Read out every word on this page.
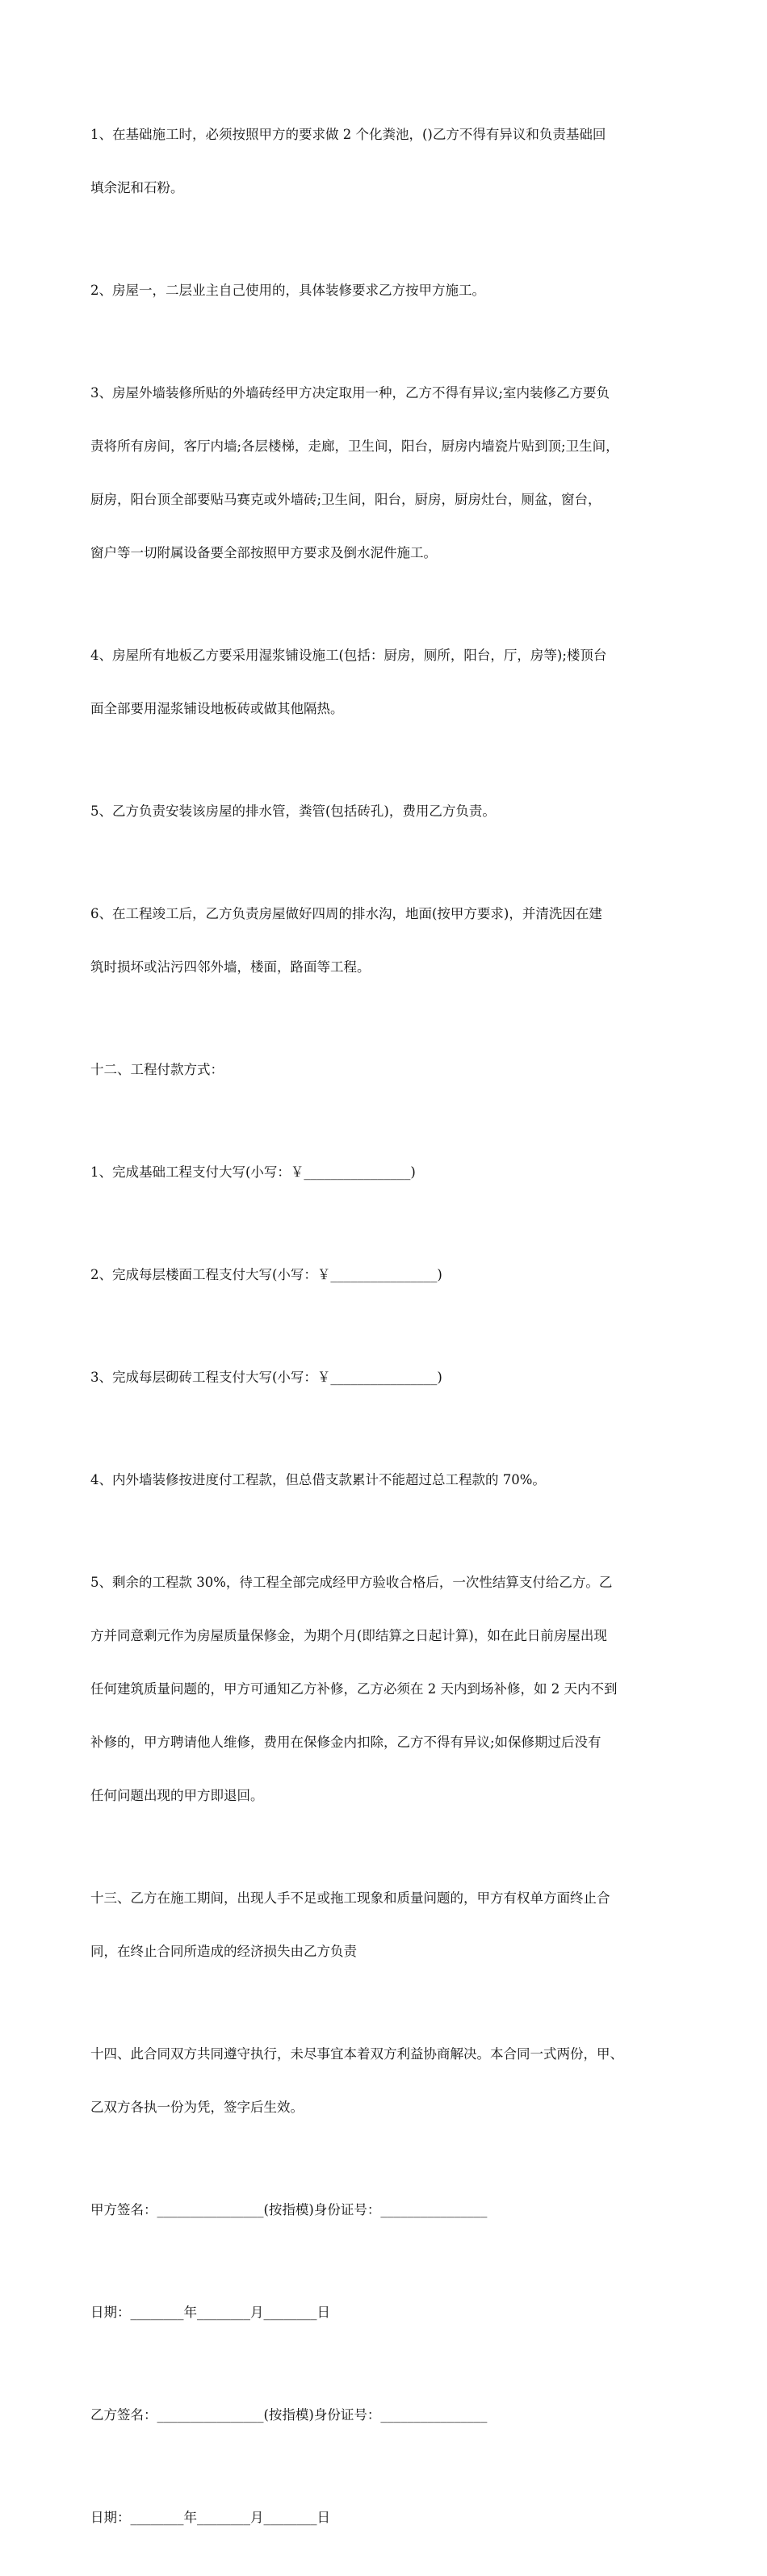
1、在基础施工时，必须按照甲方的要求做 2 个化粪池，()乙方不得有异议和负责基础回

填余泥和石粉。

2、房屋一，二层业主自己使用的，具体装修要求乙方按甲方施工。

3、房屋外墙装修所贴的外墙砖经甲方决定取用一种，乙方不得有异议;室内装修乙方要负

责将所有房间，客厅内墙;各层楼梯，走廊，卫生间，阳台，厨房内墙瓷片贴到顶;卫生间，

厨房，阳台顶全部要贴马赛克或外墙砖;卫生间，阳台，厨房，厨房灶台，厕盆，窗台，

窗户等一切附属设备要全部按照甲方要求及倒水泥件施工。

4、房屋所有地板乙方要采用湿浆铺设施工(包括：厨房，厕所，阳台，厅，房等);楼顶台

面全部要用湿浆铺设地板砖或做其他隔热。

5、乙方负责安装该房屋的排水管，粪管(包括砖孔)，费用乙方负责。

6、在工程竣工后，乙方负责房屋做好四周的排水沟，地面(按甲方要求)，并清洗因在建

筑时损坏或沾污四邻外墙，楼面，路面等工程。

十二、工程付款方式：

1、完成基础工程支付大写(小写：￥________________)

2、完成每层楼面工程支付大写(小写：￥________________)

3、完成每层砌砖工程支付大写(小写：￥________________)

4、内外墙装修按进度付工程款，但总借支款累计不能超过总工程款的 70%。

5、剩余的工程款 30%，待工程全部完成经甲方验收合格后，一次性结算支付给乙方。乙

方并同意剩元作为房屋质量保修金，为期个月(即结算之日起计算)，如在此日前房屋出现

任何建筑质量问题的，甲方可通知乙方补修，乙方必须在 2 天内到场补修，如 2 天内不到

补修的，甲方聘请他人维修，费用在保修金内扣除，乙方不得有异议;如保修期过后没有

任何问题出现的甲方即退回。

十三、乙方在施工期间，出现人手不足或拖工现象和质量问题的，甲方有权单方面终止合

同，在终止合同所造成的经济损失由乙方负责

十四、此合同双方共同遵守执行，未尽事宜本着双方利益协商解决。本合同一式两份，甲、

乙双方各执一份为凭，签字后生效。

甲方签名：________________(按指模)身份证号：________________

日期：________年________月________日

乙方签名：________________(按指模)身份证号：________________

日期：________年________月________日
